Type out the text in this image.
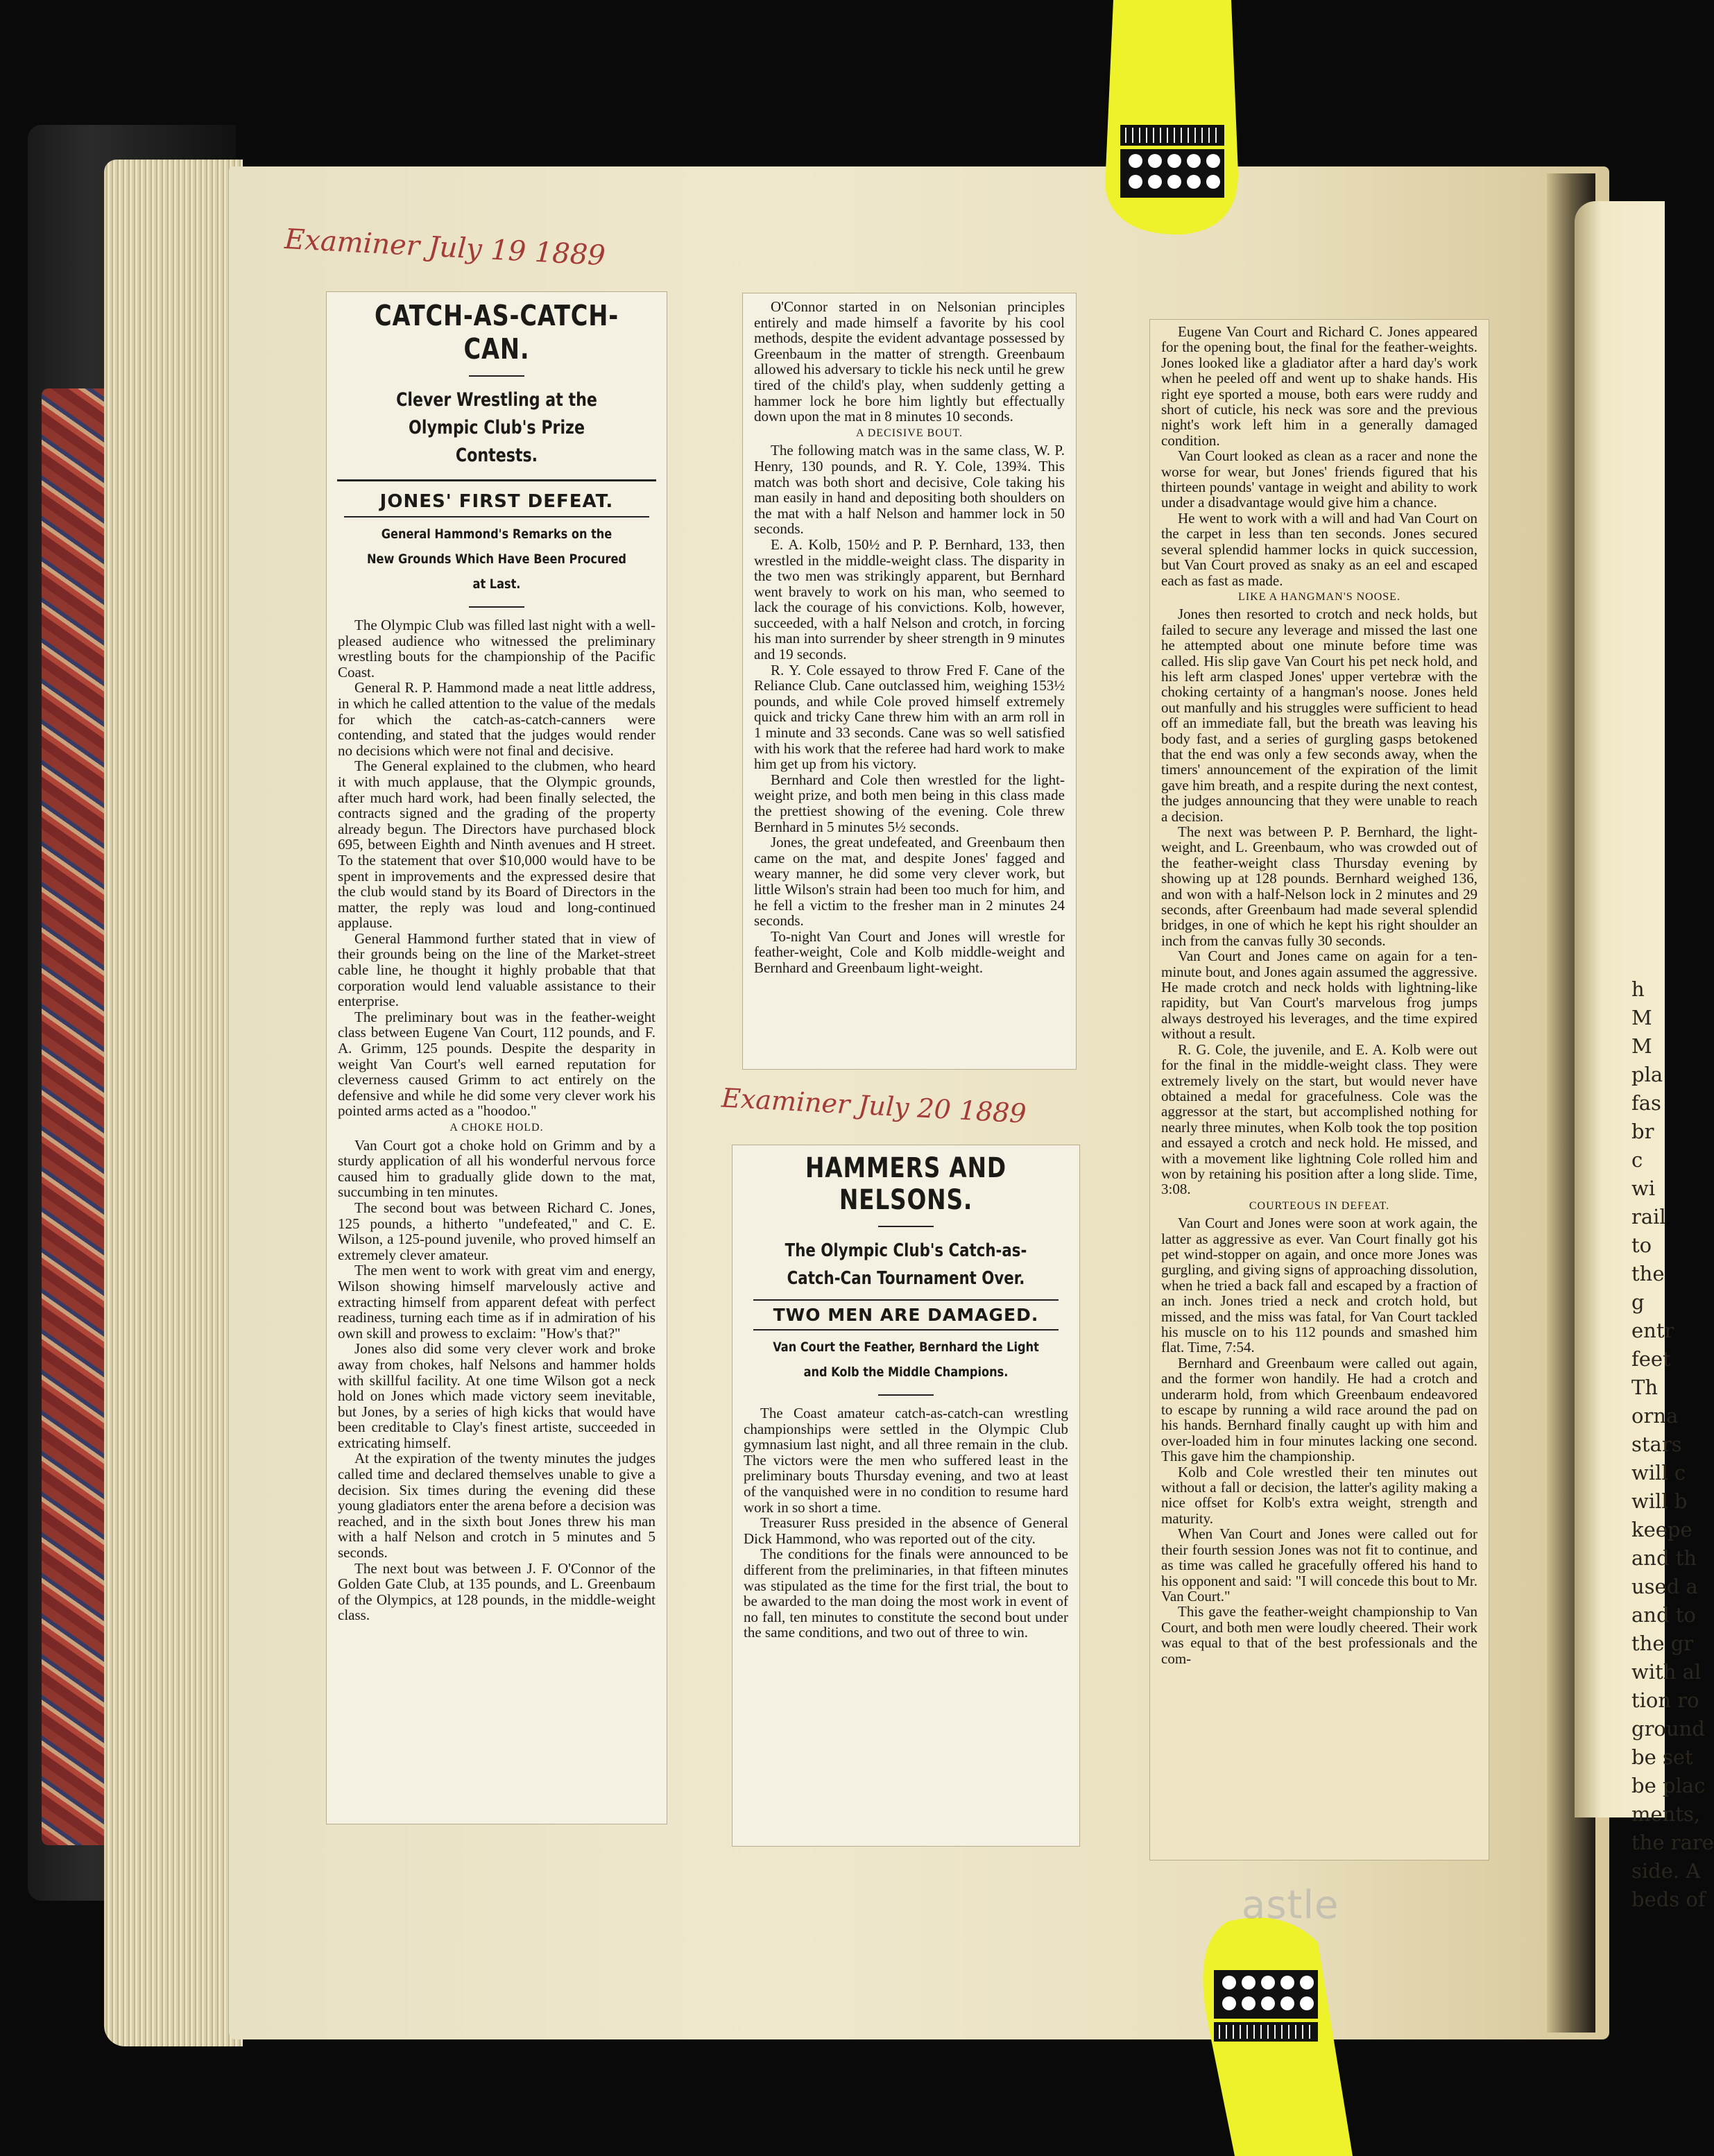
h
M
M
pla
fas
br
c
wi
rail
to
the
g
entr
feet
Th
orna
stars
will c
will b
keepe
and th
used a
and to
the gr
with al
tion ro
ground
be set
be plac
ments,
the rare
side. A
beds of
Examiner July 19 1889
CATCH-AS-CATCH-CAN.
Clever Wrestling at the Olympic Club's Prize Contests.
JONES' FIRST DEFEAT.
General Hammond's Remarks on the New Grounds Which Have Been Procured at Last.

The Olympic Club was filled last night with a well-pleased audience who witnessed the preliminary wrestling bouts for the championship of the Pacific Coast.

General R. P. Hammond made a neat little address, in which he called attention to the value of the medals for which the catch-as-catch-canners were contending, and stated that the judges would render no decisions which were not final and decisive.

The General explained to the clubmen, who heard it with much applause, that the Olympic grounds, after much hard work, had been finally selected, the contracts signed and the grading of the property already begun. The Directors have purchased block 695, between Eighth and Ninth avenues and H street. To the statement that over $10,000 would have to be spent in improvements and the expressed desire that the club would stand by its Board of Directors in the matter, the reply was loud and long-continued applause.

General Hammond further stated that in view of their grounds being on the line of the Market-street cable line, he thought it highly probable that that corporation would lend valuable assistance to their enterprise.

The preliminary bout was in the feather-weight class between Eugene Van Court, 112 pounds, and F. A. Grimm, 125 pounds. Despite the desparity in weight Van Court's well earned reputation for cleverness caused Grimm to act entirely on the defensive and while he did some very clever work his pointed arms acted as a "hoodoo."

A CHOKE HOLD.

Van Court got a choke hold on Grimm and by a sturdy application of all his wonderful nervous force caused him to gradually glide down to the mat, succumbing in ten minutes.

The second bout was between Richard C. Jones, 125 pounds, a hitherto "undefeated," and C. E. Wilson, a 125-pound juvenile, who proved himself an extremely clever amateur.

The men went to work with great vim and energy, Wilson showing himself marvelously active and extracting himself from apparent defeat with perfect readiness, turning each time as if in admiration of his own skill and prowess to exclaim: "How's that?"

Jones also did some very clever work and broke away from chokes, half Nelsons and hammer holds with skillful facility. At one time Wilson got a neck hold on Jones which made victory seem inevitable, but Jones, by a series of high kicks that would have been creditable to Clay's finest artiste, succeeded in extricating himself.

At the expiration of the twenty minutes the judges called time and declared themselves unable to give a decision. Six times during the evening did these young gladiators enter the arena before a decision was reached, and in the sixth bout Jones threw his man with a half Nelson and crotch in 5 minutes and 5 seconds.

The next bout was between J. F. O'Connor of the Golden Gate Club, at 135 pounds, and L. Greenbaum of the Olympics, at 128 pounds, in the middle-weight class.

O'Connor started in on Nelsonian principles entirely and made himself a favorite by his cool methods, despite the evident advantage possessed by Greenbaum in the matter of strength. Greenbaum allowed his adversary to tickle his neck until he grew tired of the child's play, when suddenly getting a hammer lock he bore him lightly but effectually down upon the mat in 8 minutes 10 seconds.

A DECISIVE BOUT.

The following match was in the same class, W. P. Henry, 130 pounds, and R. Y. Cole, 139¾. This match was both short and decisive, Cole taking his man easily in hand and depositing both shoulders on the mat with a half Nelson and hammer lock in 50 seconds.

E. A. Kolb, 150½ and P. P. Bernhard, 133, then wrestled in the middle-weight class. The disparity in the two men was strikingly apparent, but Bernhard went bravely to work on his man, who seemed to lack the courage of his convictions. Kolb, however, succeeded, with a half Nelson and crotch, in forcing his man into surrender by sheer strength in 9 minutes and 19 seconds.

R. Y. Cole essayed to throw Fred F. Cane of the Reliance Club. Cane outclassed him, weighing 153½ pounds, and while Cole proved himself extremely quick and tricky Cane threw him with an arm roll in 1 minute and 33 seconds. Cane was so well satisfied with his work that the referee had hard work to make him get up from his victory.

Bernhard and Cole then wrestled for the light-weight prize, and both men being in this class made the prettiest showing of the evening. Cole threw Bernhard in 5 minutes 5½ seconds.

Jones, the great undefeated, and Greenbaum then came on the mat, and despite Jones' fagged and weary manner, he did some very clever work, but little Wilson's strain had been too much for him, and he fell a victim to the fresher man in 2 minutes 24 seconds.

To-night Van Court and Jones will wrestle for feather-weight, Cole and Kolb middle-weight and Bernhard and Greenbaum light-weight.

Examiner July 20 1889
HAMMERS AND NELSONS.
The Olympic Club's Catch-as-Catch-Can Tournament Over.
TWO MEN ARE DAMAGED.
Van Court the Feather, Bernhard the Light and Kolb the Middle Champions.

The Coast amateur catch-as-catch-can wrestling championships were settled in the Olympic Club gymnasium last night, and all three remain in the club. The victors were the men who suffered least in the preliminary bouts Thursday evening, and two at least of the vanquished were in no condition to resume hard work in so short a time.

Treasurer Russ presided in the absence of General Dick Hammond, who was reported out of the city.

The conditions for the finals were announced to be different from the preliminaries, in that fifteen minutes was stipulated as the time for the first trial, the bout to be awarded to the man doing the most work in event of no fall, ten minutes to constitute the second bout under the same conditions, and two out of three to win.

Eugene Van Court and Richard C. Jones appeared for the opening bout, the final for the feather-weights. Jones looked like a gladiator after a hard day's work when he peeled off and went up to shake hands. His right eye sported a mouse, both ears were ruddy and short of cuticle, his neck was sore and the previous night's work left him in a generally damaged condition.

Van Court looked as clean as a racer and none the worse for wear, but Jones' friends figured that his thirteen pounds' vantage in weight and ability to work under a disadvantage would give him a chance.

He went to work with a will and had Van Court on the carpet in less than ten seconds. Jones secured several splendid hammer locks in quick succession, but Van Court proved as snaky as an eel and escaped each as fast as made.

LIKE A HANGMAN'S NOOSE.

Jones then resorted to crotch and neck holds, but failed to secure any leverage and missed the last one he attempted about one minute before time was called. His slip gave Van Court his pet neck hold, and his left arm clasped Jones' upper vertebræ with the choking certainty of a hangman's noose. Jones held out manfully and his struggles were sufficient to head off an immediate fall, but the breath was leaving his body fast, and a series of gurgling gasps betokened that the end was only a few seconds away, when the timers' announcement of the expiration of the limit gave him breath, and a respite during the next contest, the judges announcing that they were unable to reach a decision.

The next was between P. P. Bernhard, the light-weight, and L. Greenbaum, who was crowded out of the feather-weight class Thursday evening by showing up at 128 pounds. Bernhard weighed 136, and won with a half-Nelson lock in 2 minutes and 29 seconds, after Greenbaum had made several splendid bridges, in one of which he kept his right shoulder an inch from the canvas fully 30 seconds.

Van Court and Jones came on again for a ten-minute bout, and Jones again assumed the aggressive. He made crotch and neck holds with lightning-like rapidity, but Van Court's marvelous frog jumps always destroyed his leverages, and the time expired without a result.

R. G. Cole, the juvenile, and E. A. Kolb were out for the final in the middle-weight class. They were extremely lively on the start, but would never have obtained a medal for gracefulness. Cole was the aggressor at the start, but accomplished nothing for nearly three minutes, when Kolb took the top position and essayed a crotch and neck hold. He missed, and with a movement like lightning Cole rolled him and won by retaining his position after a long slide. Time, 3:08.

COURTEOUS IN DEFEAT.

Van Court and Jones were soon at work again, the latter as aggressive as ever. Van Court finally got his pet wind-stopper on again, and once more Jones was gurgling, and giving signs of approaching dissolution, when he tried a back fall and escaped by a fraction of an inch. Jones tried a neck and crotch hold, but missed, and the miss was fatal, for Van Court tackled his muscle on to his 112 pounds and smashed him flat. Time, 7:54.

Bernhard and Greenbaum were called out again, and the former won handily. He had a crotch and underarm hold, from which Greenbaum endeavored to escape by running a wild race around the pad on his hands. Bernhard finally caught up with him and over-loaded him in four minutes lacking one second. This gave him the championship.

Kolb and Cole wrestled their ten minutes out without a fall or decision, the latter's agility making a nice offset for Kolb's extra weight, strength and maturity.

When Van Court and Jones were called out for their fourth session Jones was not fit to continue, and as time was called he gracefully offered his hand to his opponent and said: "I will concede this bout to Mr. Van Court."

This gave the feather-weight championship to Van Court, and both men were loudly cheered. Their work was equal to that of the best professionals and the com-

astle
